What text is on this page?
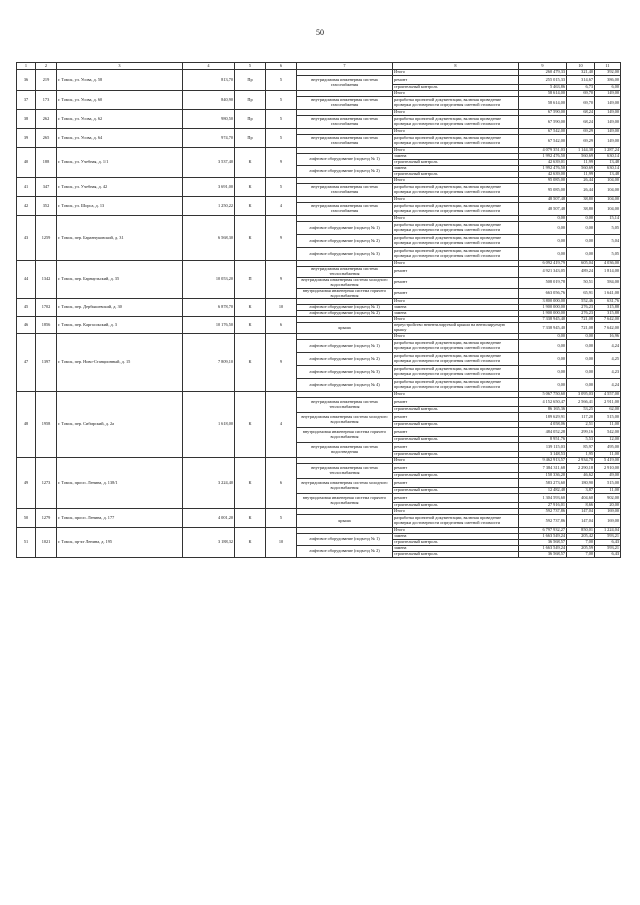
50
1	2	3	4	5	6	7	8	9	10	11
36	219	г. Томск, ул. Усова, д. 58	813,70	Пр	5		Итого	260 479,33	321,40	392,00
						внутридомовая инженерная система газоснабжения	ремонт	255 015,33	314,67	386,00
							строительный контроль	5 463,86	6,73	6,00
37	173	г. Томск, ул. Усова, д. 60	840,90	Пр	5		Итого	58 614,00	69,70	149,00
						внутридомовая инженерная система газоснабжения	разработка проектной документации, включая проведение проверки достоверности определения сметной стоимости	58 614,00	69,70	149,00
38	262	г. Томск, ул. Усова, д. 62	980,50	Пр	5		Итого	67 590,00	68,24	149,00
						внутридомовая инженерная система газоснабжения	разработка проектной документации, включая проведение проверки достоверности определения сметной стоимости	67 590,00	68,24	149,00
39	265	г. Томск, ул. Усова, д. 64	974,70	Пр	5		Итого	67 542,00	69,29	149,00
						внутридомовая инженерная система газоснабжения	разработка проектной документации, включая проведение проверки достоверности определения сметной стоимости	67 542,00	69,29	149,00
40	188	г. Томск, ул. Учебная, д. 1/1	3 537,40	К	9		Итого	4 079 351,03	1 144,38	1 287,24
						лифтовое оборудование (подъезд № 1)	замена	1 992 476,50	560,69	630,14
							строительный контроль	42 639,01	11,99	13,48
						лифтовое оборудование (подъезд № 2)	замена	1 992 476,50	560,69	630,14
							строительный контроль	42 639,00	11,99	13,48
41	347	г. Томск, ул. Учебная, д. 42	3 691,00	К	5		Итого	95 085,00	26,44	104,00
						внутридомовая инженерная система газоснабжения	разработка проектной документации, включая проведение проверки достоверности определения сметной стоимости	95 085,00	26,44	104,00
42	352	г. Томск, ул. Шорса, д. 13	1 250,22	К	4		Итого	48 507,48	38,80	104,00
						внутридомовая инженерная система газоснабжения	разработка проектной документации, включая проведение проверки достоверности определения сметной стоимости	48 507,48	38,80	104,00
43	1259	г. Томск, пер. Баранчуковский, д. 31	6 568,30	К	9		Итого	0,00	0,00	15,14
						лифтовое оборудование (подъезд № 1)	разработка проектной документации, включая проведение проверки достоверности определения сметной стоимости	0,00	0,00	5,05
						лифтовое оборудование (подъезд № 2)	разработка проектной документации, включая проведение проверки достоверности определения сметной стоимости	0,00	0,00	5,04
						лифтовое оборудование (подъезд № 3)	разработка проектной документации, включая проведение проверки достоверности определения сметной стоимости	0,00	0,00	5,05
44	1342	г. Томск, пер. Барнаульский, д. 35	10 053,20	П	9		Итого	6 092 419,79	605,04	4 036,00
						внутридомовая инженерная система теплоснабжения	ремонт	4 921 343,05	489,24	1 814,00
						внутридомовая инженерная система холодного водоснабжения	ремонт	508 019,78	50,51	584,00
						внутридомовая инженерная система горячего водоснабжения	ремонт	663 056,76	65,91	1 641,00
45	1702	г. Томск, пер. Дербышевский, д. 30	6 878,70	К	10		Итого	3 800 000,00	552,46	631,76
						лифтовое оборудование (подъезд № 1)	замена	1 900 000,00	276,23	315,88
						лифтовое оборудование (подъезд № 2)	замена	1 900 000,00	276,23	315,88
46	1856	г. Томск, пер. Каргасокский, д. 3	10 176,50	К	6		Итого	7 338 945,40	721,08	7 642,00
						крыша	переустройство невентилируемой крыши на вентилируемую крышу	7 338 945,40	721,08	7 642,00
47	1397	г. Томск, пер. Ново-Станционный, д. 15	7 809,10	К	9		Итого	0,00	0,00	16,96
						лифтовое оборудование (подъезд № 1)	разработка проектной документации, включая проведение проверки достоверности определения сметной стоимости	0,00	0,00	4,24
						лифтовое оборудование (подъезд № 2)	разработка проектной документации, включая проведение проверки достоверности определения сметной стоимости	0,00	0,00	4,25
						лифтовое оборудование (подъезд № 3)	разработка проектной документации, включая проведение проверки достоверности определения сметной стоимости	0,00	0,00	4,23
						лифтовое оборудование (подъезд № 4)	разработка проектной документации, включая проведение проверки достоверности определения сметной стоимости	0,00	0,00	4,24
48	1958	г. Томск, пер. Сибирский, д. 2а	1 618,00	К	4		Итого	5 067 750,60	3 095,03	4 557,00
						внутридомовая инженерная система теплоснабжения	ремонт	4 152 650,47	2 566,41	2 911,00
							строительный контроль	86 165,36	53,25	62,00
						внутридомовая инженерная система холодного водоснабжения	ремонт	189 629,91	117,20	515,00
							строительный контроль	4 058,06	2,51	11,00
						внутридомовая инженерная система горячего водоснабжения	ремонт	484 052,28	299,16	542,00
							строительный контроль	8 951,76	5,53	12,00
						внутридомовая инженерная система водоотведения	ремонт	139 115,03	85,97	495,00
							строительный контроль	3 148,53	1,95	11,00
49	1273	г. Томск, просп. Ленина, д. 138/1	3 224,40	К	6		Итого	9 462 913,57	2 934,78	5 419,00
						внутридомовая инженерная система теплоснабжения	ремонт	7 384 311,68	2 290,18	2 910,00
							строительный контроль	150 336,20	46,62	49,00
						внутридомовая инженерная система холодного водоснабжения	ремонт	583 273,60	180,90	515,00
							строительный контроль	12 482,48	3,87	11,00
						внутридомовая инженерная система горячего водоснабжения	ремонт	1 304 593,60	404,60	902,00
							строительный контроль	27 916,01	8,66	20,00
50	1279	г. Томск, просп. Ленина, д. 177	4 001,20	К	5		Итого	592 737,86	147,04	169,00
						крыша	разработка проектной документации, включая проведение проверки достоверности определения сметной стоимости	592 737,86	147,04	169,00
51	1021	г. Томск, пр-кт Ленина, д. 195	3 188,32	К	10		Итого	6 797 932,27	850,01	1 224,04
						лифтовое оборудование (подъезд № 1)	замена	1 663 549,24	205,42	593,21
							строительный контроль	36 568,57	7,00	6,43
						лифтовое оборудование (подъезд № 2)	замена	1 663 549,24	205,59	593,21
							строительный контроль	36 568,57	7,00	6,43
